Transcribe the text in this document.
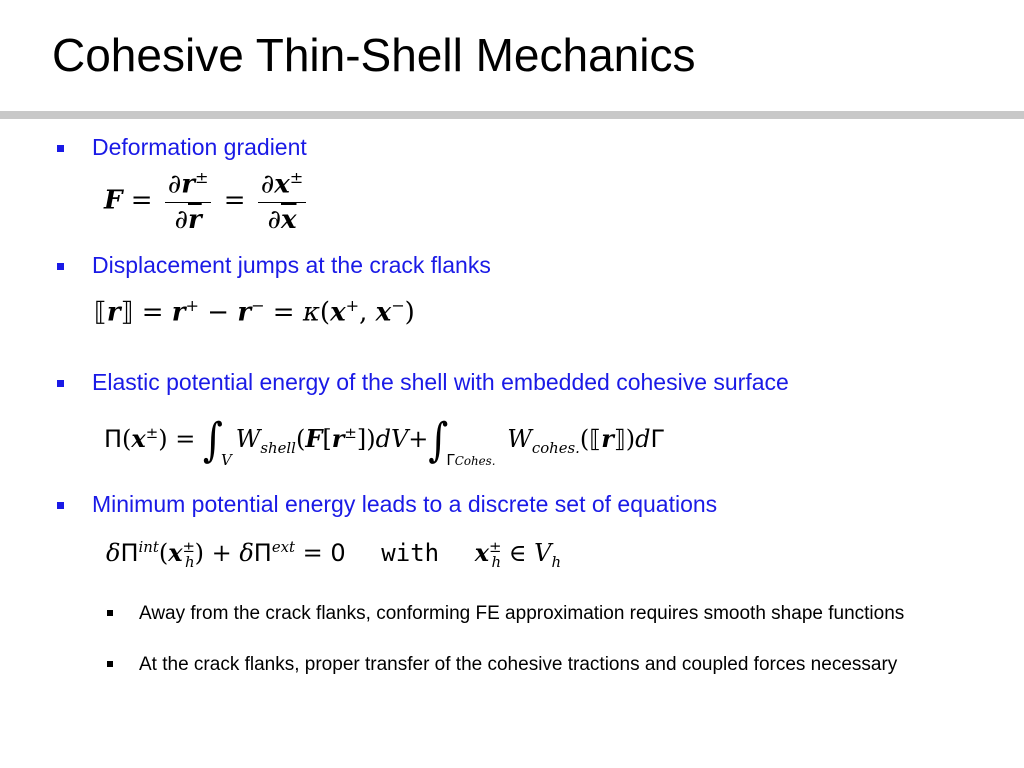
Cohesive Thin-Shell Mechanics
Deformation gradient
$F = \frac{\partial r^\pm}{\partial\overline{r}} = \frac{\partial x^\pm}{\partial\overline{x}}$
Displacement jumps at the crack flanks
⟦r⟧ = r+ − r− = κ(x+, x−)
Elastic potential energy of the shell with embedded cohesive surface
$\Pi(x^\pm) = \int VW_{shell}(F[r^\pm])dV+\int\Gamma Cohes$. $W_{cohes.}(⟦r⟧)d\Gamma$
Minimum potential energy leads to a discrete set of equations
$\delta\Pi^{int}(x^\pm_h) + \delta\Pi^{ext} = 0$ with $x^\pm_h$ ∈ $V_h$
Away from the crack flanks, conforming FE approximation requires smooth shape functions
At the crack flanks, proper transfer of the cohesive tractions and coupled forces necessary
